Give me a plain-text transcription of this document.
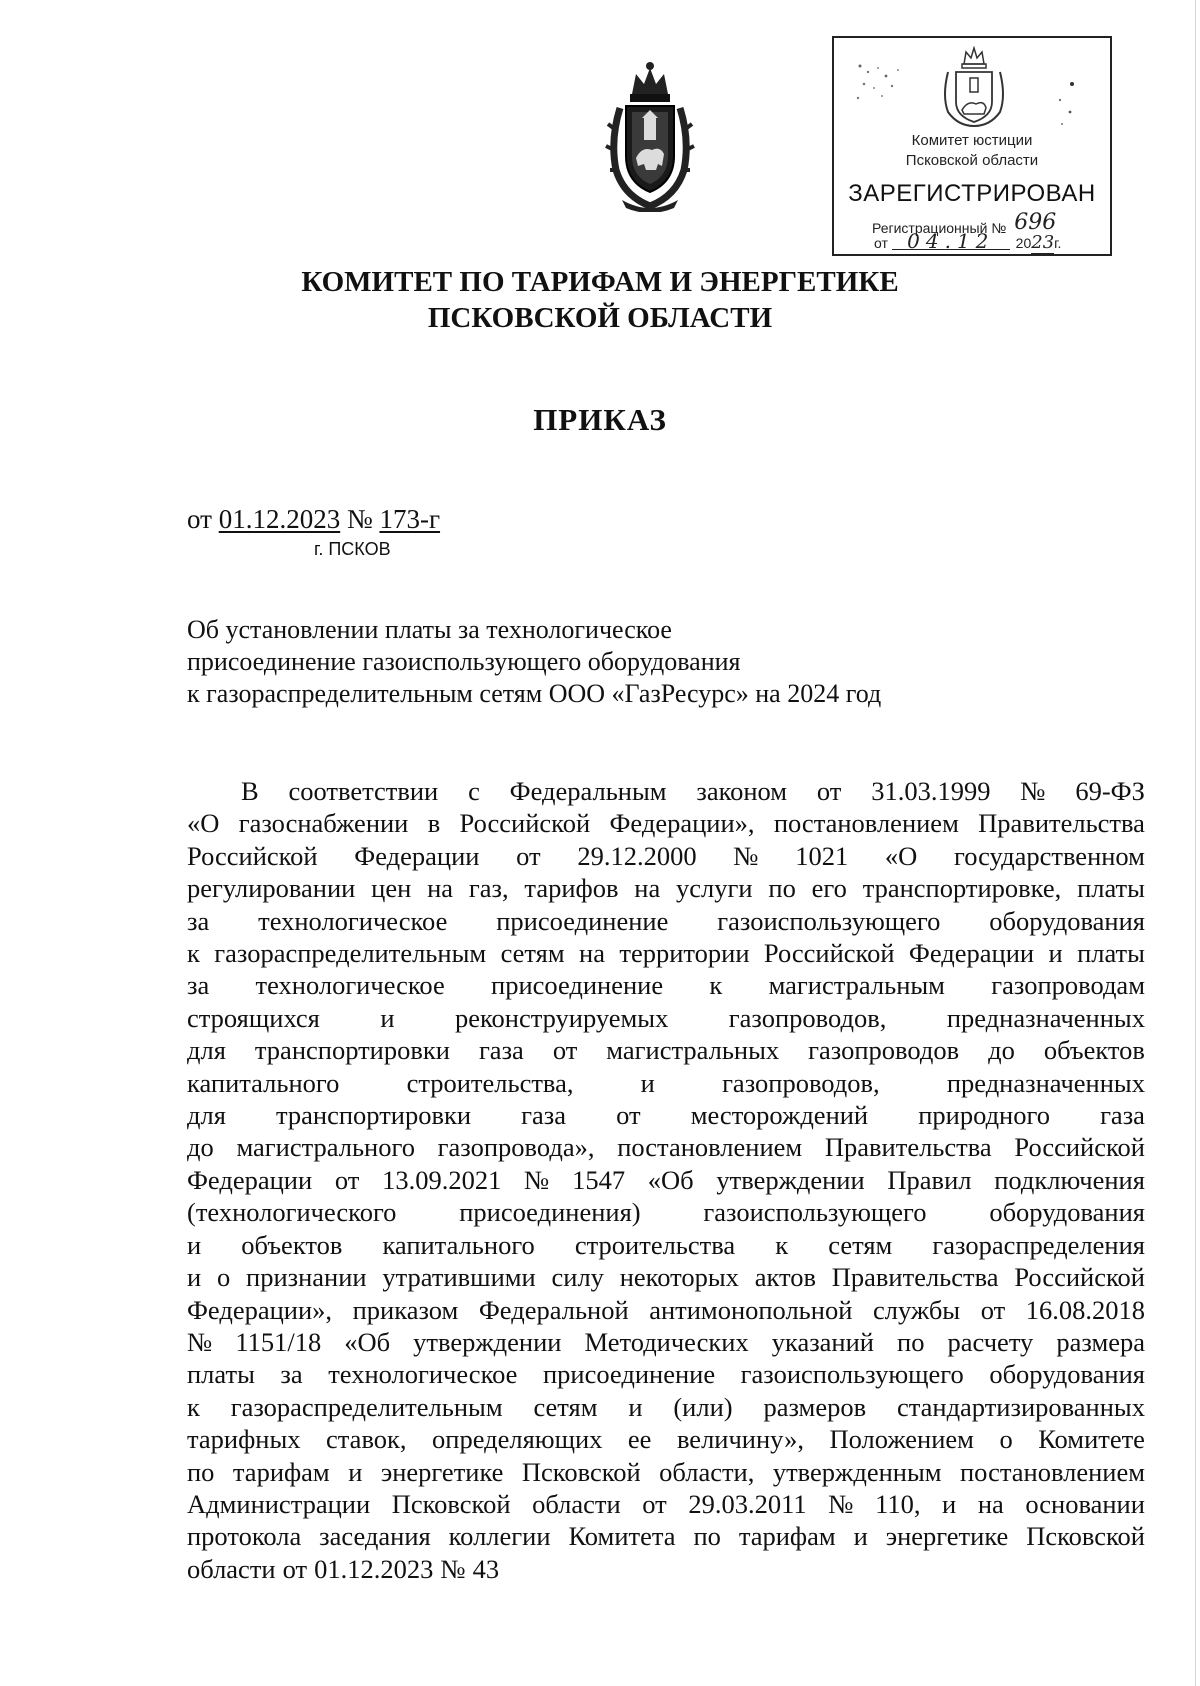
Комитет юстиции
Псковской области
ЗАРЕГИСТРИРОВАН
Регистрационный № 696
от 04.12 2023г.
КОМИТЕТ ПО ТАРИФАМ И ЭНЕРГЕТИКЕ
ПСКОВСКОЙ ОБЛАСТИ
ПРИКАЗ
от 01.12.2023 № 173-г
г. ПСКОВ
Об установлении платы за технологическое
присоединение газоиспользующего оборудования
к газораспределительным сетям ООО «ГазРесурс» на 2024 год
В соответствии с Федеральным законом от 31.03.1999 № 69-ФЗ
«О газоснабжении в Российской Федерации», постановлением Правительства
Российской Федерации от 29.12.2000 № 1021 «О государственном
регулировании цен на газ, тарифов на услуги по его транспортировке, платы
за технологическое присоединение газоиспользующего оборудования
к газораспределительным сетям на территории Российской Федерации и платы
за технологическое присоединение к магистральным газопроводам
строящихся и реконструируемых газопроводов, предназначенных
для транспортировки газа от магистральных газопроводов до объектов
капитального	строительства,	и	газопроводов,	предназначенных
для транспортировки газа от месторождений природного газа
до магистрального газопровода», постановлением Правительства Российской
Федерации от 13.09.2021 № 1547 «Об утверждении Правил подключения
(технологического присоединения) газоиспользующего оборудования
и объектов капитального строительства к сетям газораспределения
и о признании утратившими силу некоторых актов Правительства Российской
Федерации», приказом Федеральной антимонопольной службы от 16.08.2018
№ 1151/18 «Об утверждении Методических указаний по расчету размера
платы за технологическое присоединение газоиспользующего оборудования
к газораспределительным сетям и (или) размеров стандартизированных
тарифных ставок, определяющих ее величину», Положением о Комитете
по тарифам и энергетике Псковской области, утвержденным постановлением
Администрации Псковской области от 29.03.2011 № 110, и на основании
протокола заседания коллегии Комитета по тарифам и энергетике Псковской
области от 01.12.2023 № 43
